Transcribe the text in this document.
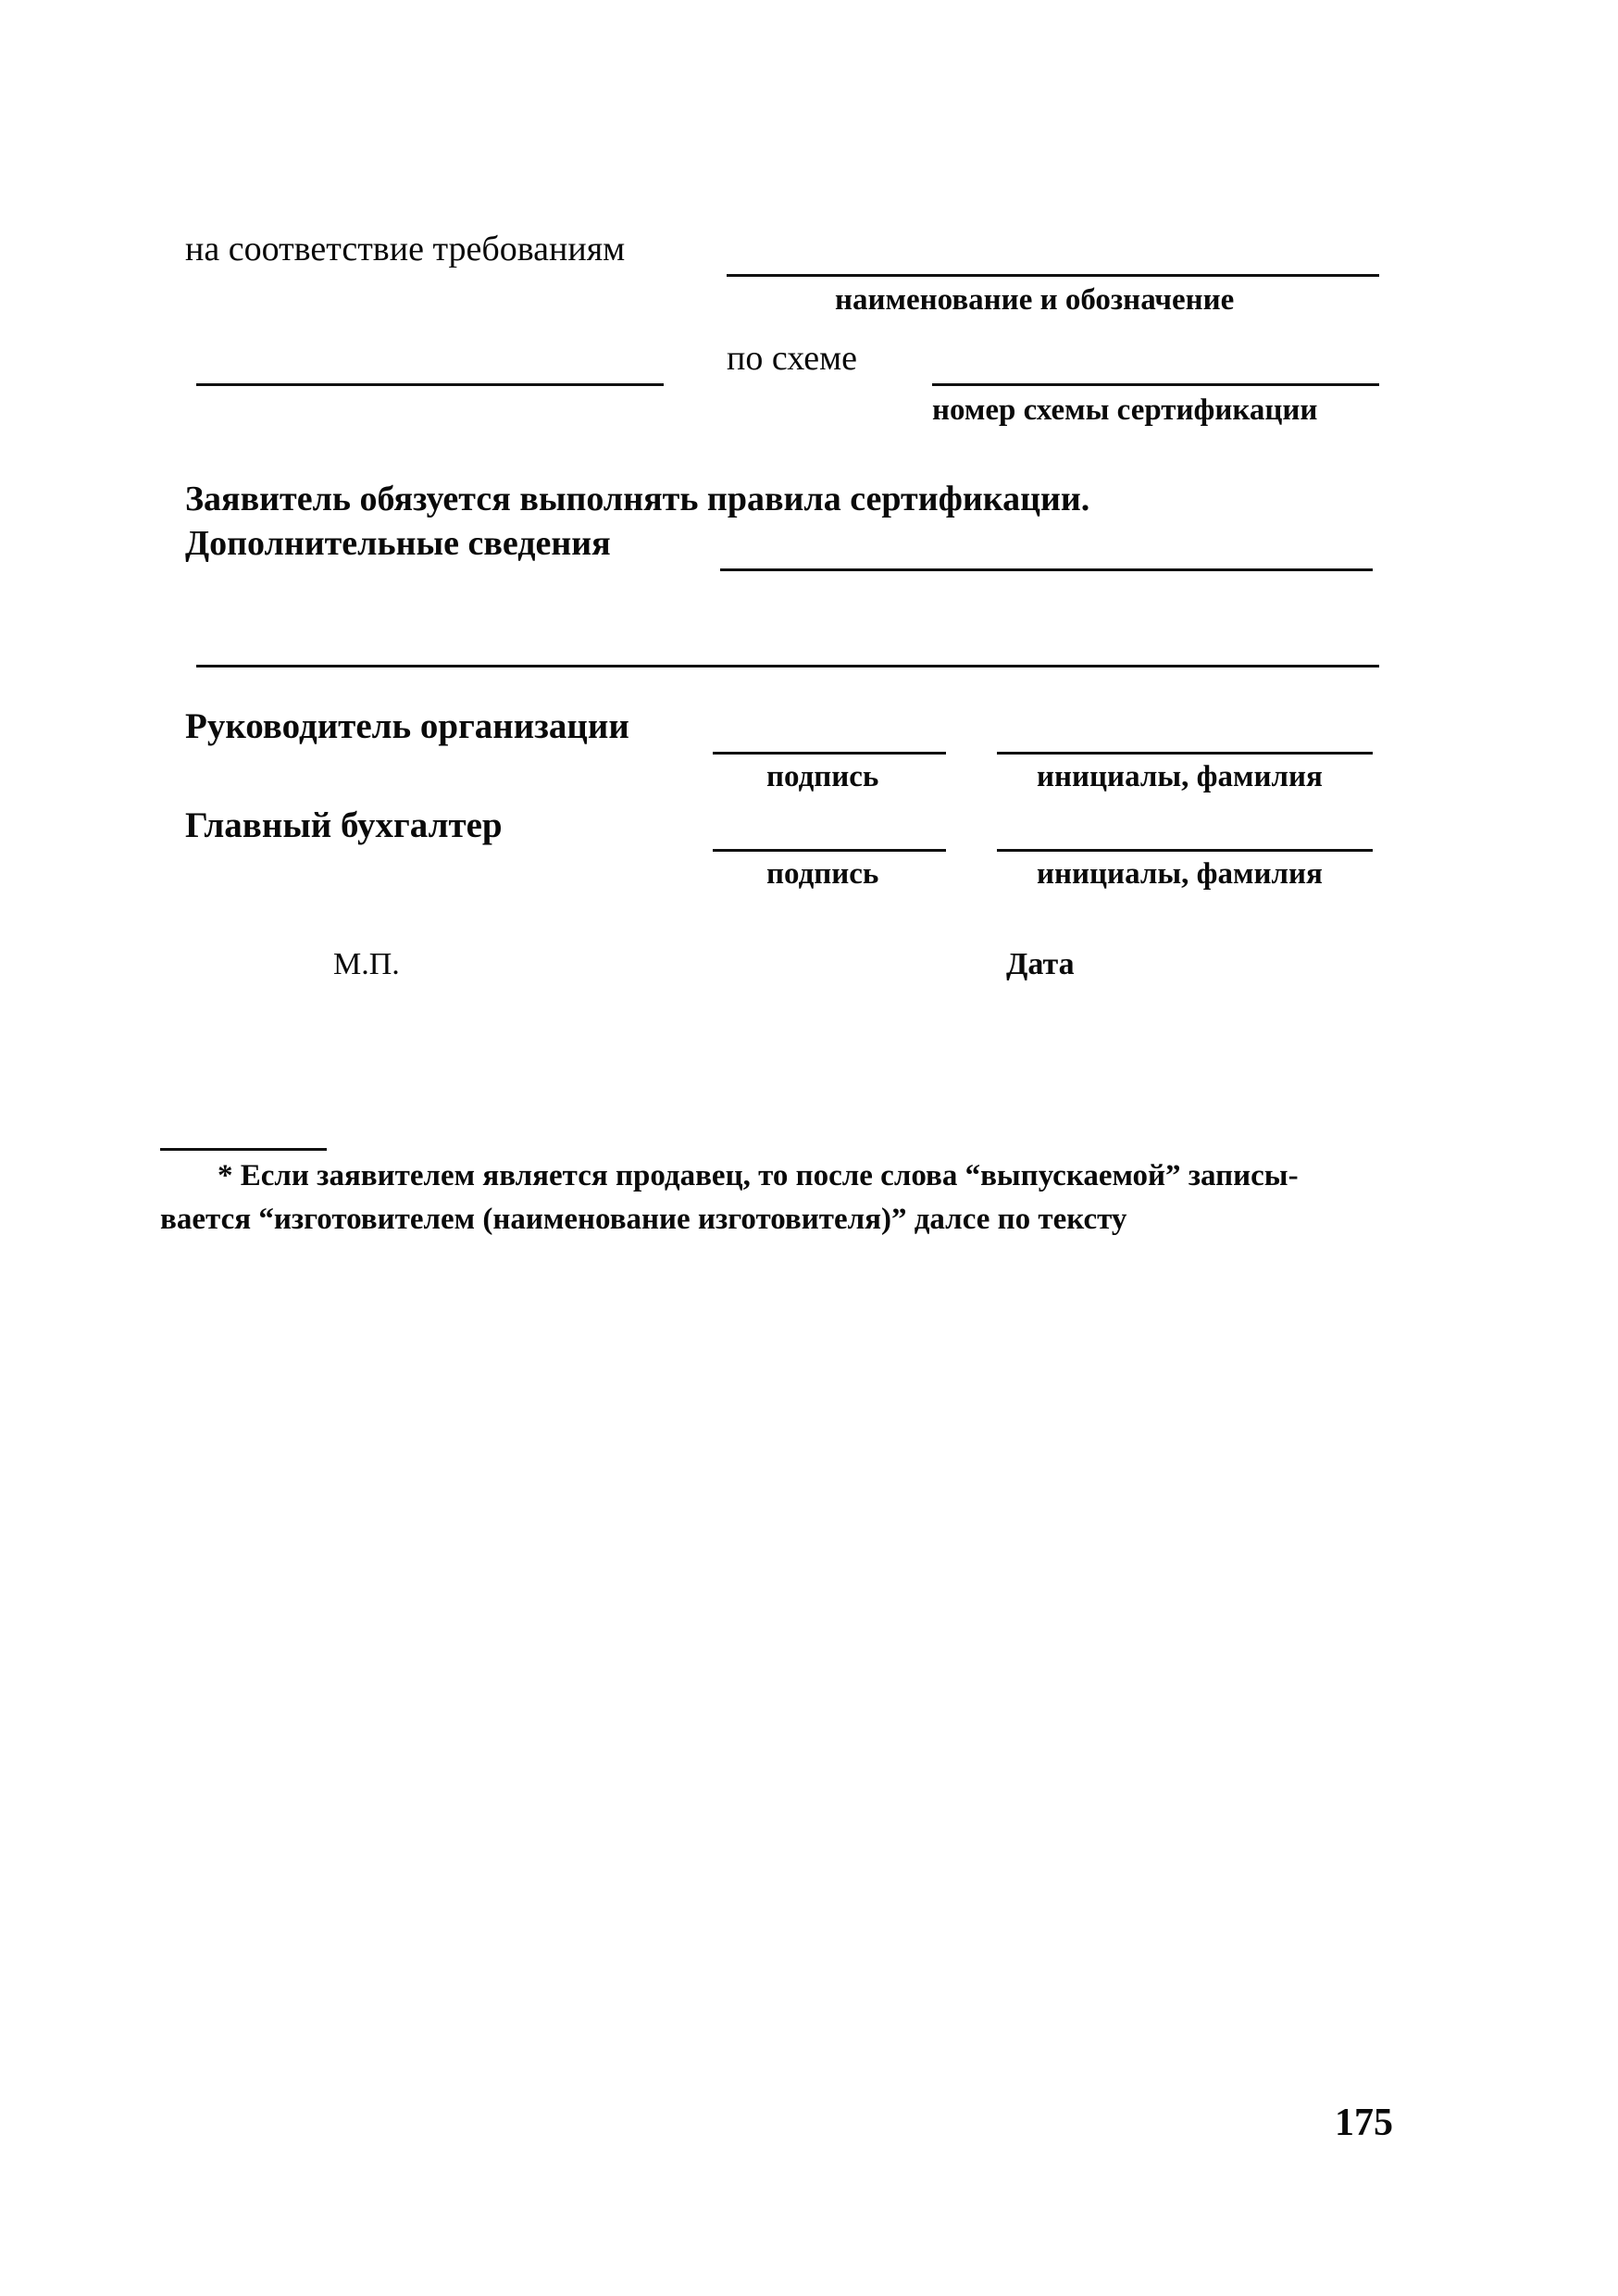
на соответствие требованиям
наименование и обозначение
по схеме
номер схемы сертификации
Заявитель обязуется выполнять правила сертификации.
Дополнительные сведения
Руководитель организации
подпись	инициалы, фамилия
Главный бухгалтер
подпись	инициалы, фамилия
М.П.	Дата
* Если заявителем является продавец, то после слова “выпускаемой” записы-
вается “изготовителем (наименование изготовителя)” далсе по тексту
175
